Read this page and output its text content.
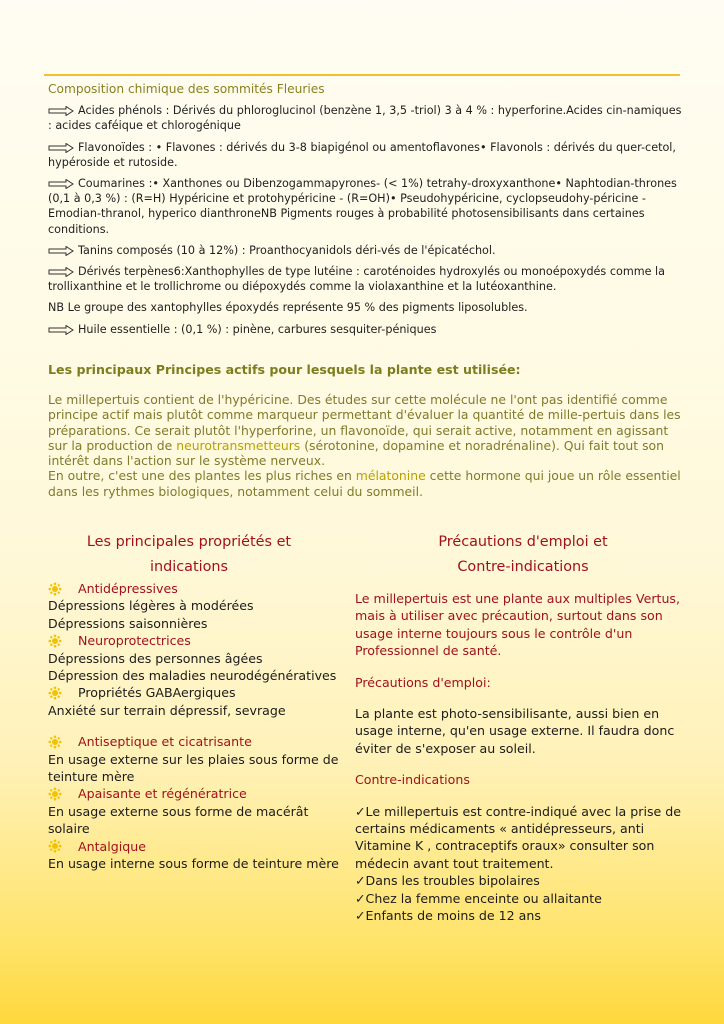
Composition chimique des sommités Fleuries
Acides phénols : Dérivés du phloroglucinol (benzène 1, 3,5 -triol) 3 à 4 % : hyperforine.Acides cin-namiques : acides caféique et chlorogénique
Flavonoïdes : • Flavones : dérivés du 3-8 biapigénol ou amentoflavones• Flavonols : dérivés du quer-cetol, hypéroside et rutoside.
Coumarines :• Xanthones ou Dibenzogammapyrones- (< 1%) tetrahy-droxyxanthone• Naphtodian-thrones (0,1 à 0,3 %) : (R=H) Hypéricine et protohypéricine - (R=OH)• Pseudohypéricine, cyclopseudohy-péricine - Emodian-thranol, hyperico dianthroneNB Pigments rouges à probabilité photosensibilisants dans certaines conditions.
Tanins composés (10 à 12%) : Proanthocyanidols déri-vés de l'épicatéchol.
Dérivés terpènes6:Xanthophylles de type lutéine : caroténoides hydroxylés ou monoépoxydés comme la trollixanthine et le trollichrome ou diépoxydés comme la violaxanthine et la lutéoxanthine.
NB Le groupe des xantophylles époxydés représente 95 % des pigments liposolubles.
Huile essentielle : (0,1 %) : pinène, carbures sesquiter-péniques
Les principaux Principes actifs pour lesquels la plante est utilisée:
Le millepertuis contient de l'hypéricine. Des études sur cette molécule ne l'ont pas identifié comme principe actif mais plutôt comme marqueur permettant d'évaluer la quantité de mille-pertuis dans les préparations. Ce serait plutôt l'hyperforine, un flavonoïde, qui serait active, notamment en agissant sur la production de neurotransmetteurs (sérotonine, dopamine et noradrénaline). Qui fait tout son intérêt dans l'action sur le système nerveux.
En outre, c'est une des plantes les plus riches en mélatonine cette hormone qui joue un rôle essentiel dans les rythmes biologiques, notamment celui du sommeil.
Les principales propriétés et
indications
Antidépressives
Dépressions légères à modérées
Dépressions saisonnières
Neuroprotectrices
Dépressions des personnes âgées
Dépression des maladies neurodégénératives
Propriétés GABAergiques
Anxiété sur terrain dépressif, sevrage
Antiseptique et cicatrisante
En usage externe sur les plaies sous forme de teinture mère
Apaisante et régénératrice
En usage externe sous forme de macérât solaire
Antalgique
En usage interne sous forme de teinture mère
Précautions d'emploi et
Contre-indications
Le millepertuis est une plante aux multiples Vertus, mais à utiliser avec précaution, surtout dans son usage interne toujours sous le contrôle d'un Professionnel de santé.
Précautions d'emploi:
La plante est photo-sensibilisante, aussi bien en usage interne, qu'en usage externe. Il faudra donc éviter de s'exposer au soleil.
Contre-indications
✓Le millepertuis est contre-indiqué avec la prise de certains médicaments « antidépresseurs, anti Vitamine K , contraceptifs oraux» consulter son médecin avant tout traitement.
✓Dans les troubles bipolaires
✓Chez la femme enceinte ou allaitante
✓Enfants de moins de 12 ans
